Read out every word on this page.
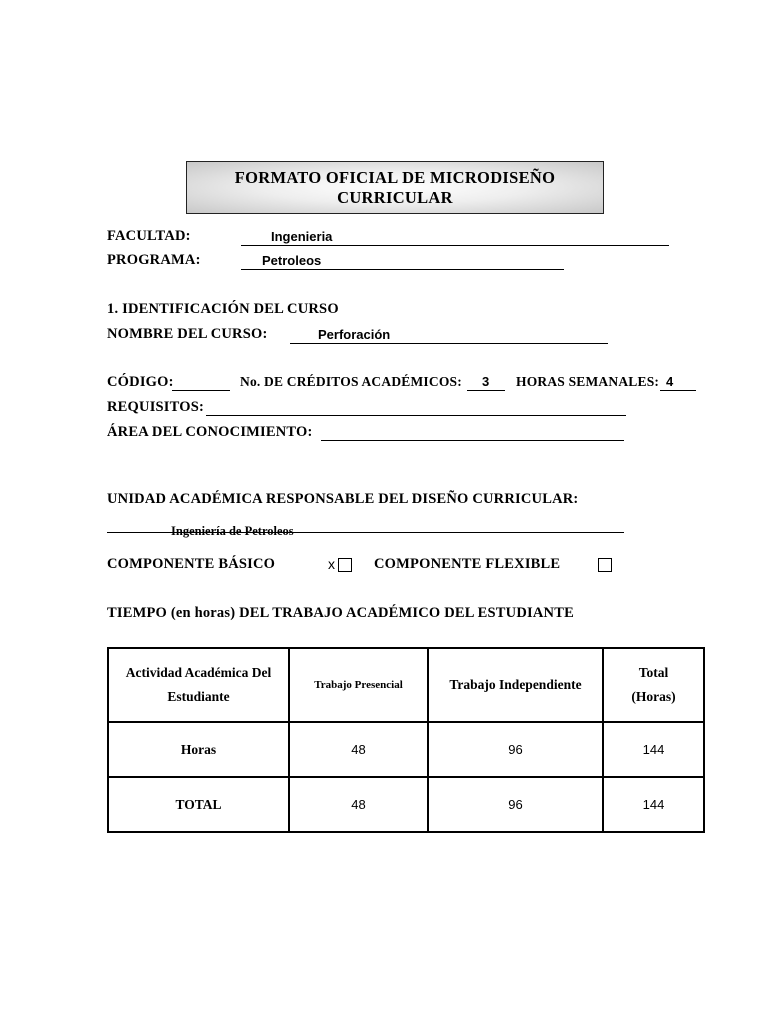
FORMATO OFICIAL DE MICRODISEÑO
CURRICULAR
FACULTAD:	Ingenieria
PROGRAMA:	Petroleos
1. IDENTIFICACIÓN DEL CURSO
NOMBRE DEL CURSO:	Perforación
CÓDIGO:	No. DE CRÉDITOS ACADÉMICOS: 3 HORAS SEMANALES: 4
REQUISITOS:
ÁREA DEL CONOCIMIENTO:
UNIDAD ACADÉMICA RESPONSABLE DEL DISEÑO CURRICULAR:
Ingeniería de Petroleos
COMPONENTE BÁSICO	x	COMPONENTE FLEXIBLE
TIEMPO (en horas) DEL TRABAJO ACADÉMICO DEL ESTUDIANTE
Actividad Académica Del Estudiante	Trabajo Presencial	Trabajo Independiente	Total
(Horas)

Horas	48	96	144
TOTAL	48	96	144
